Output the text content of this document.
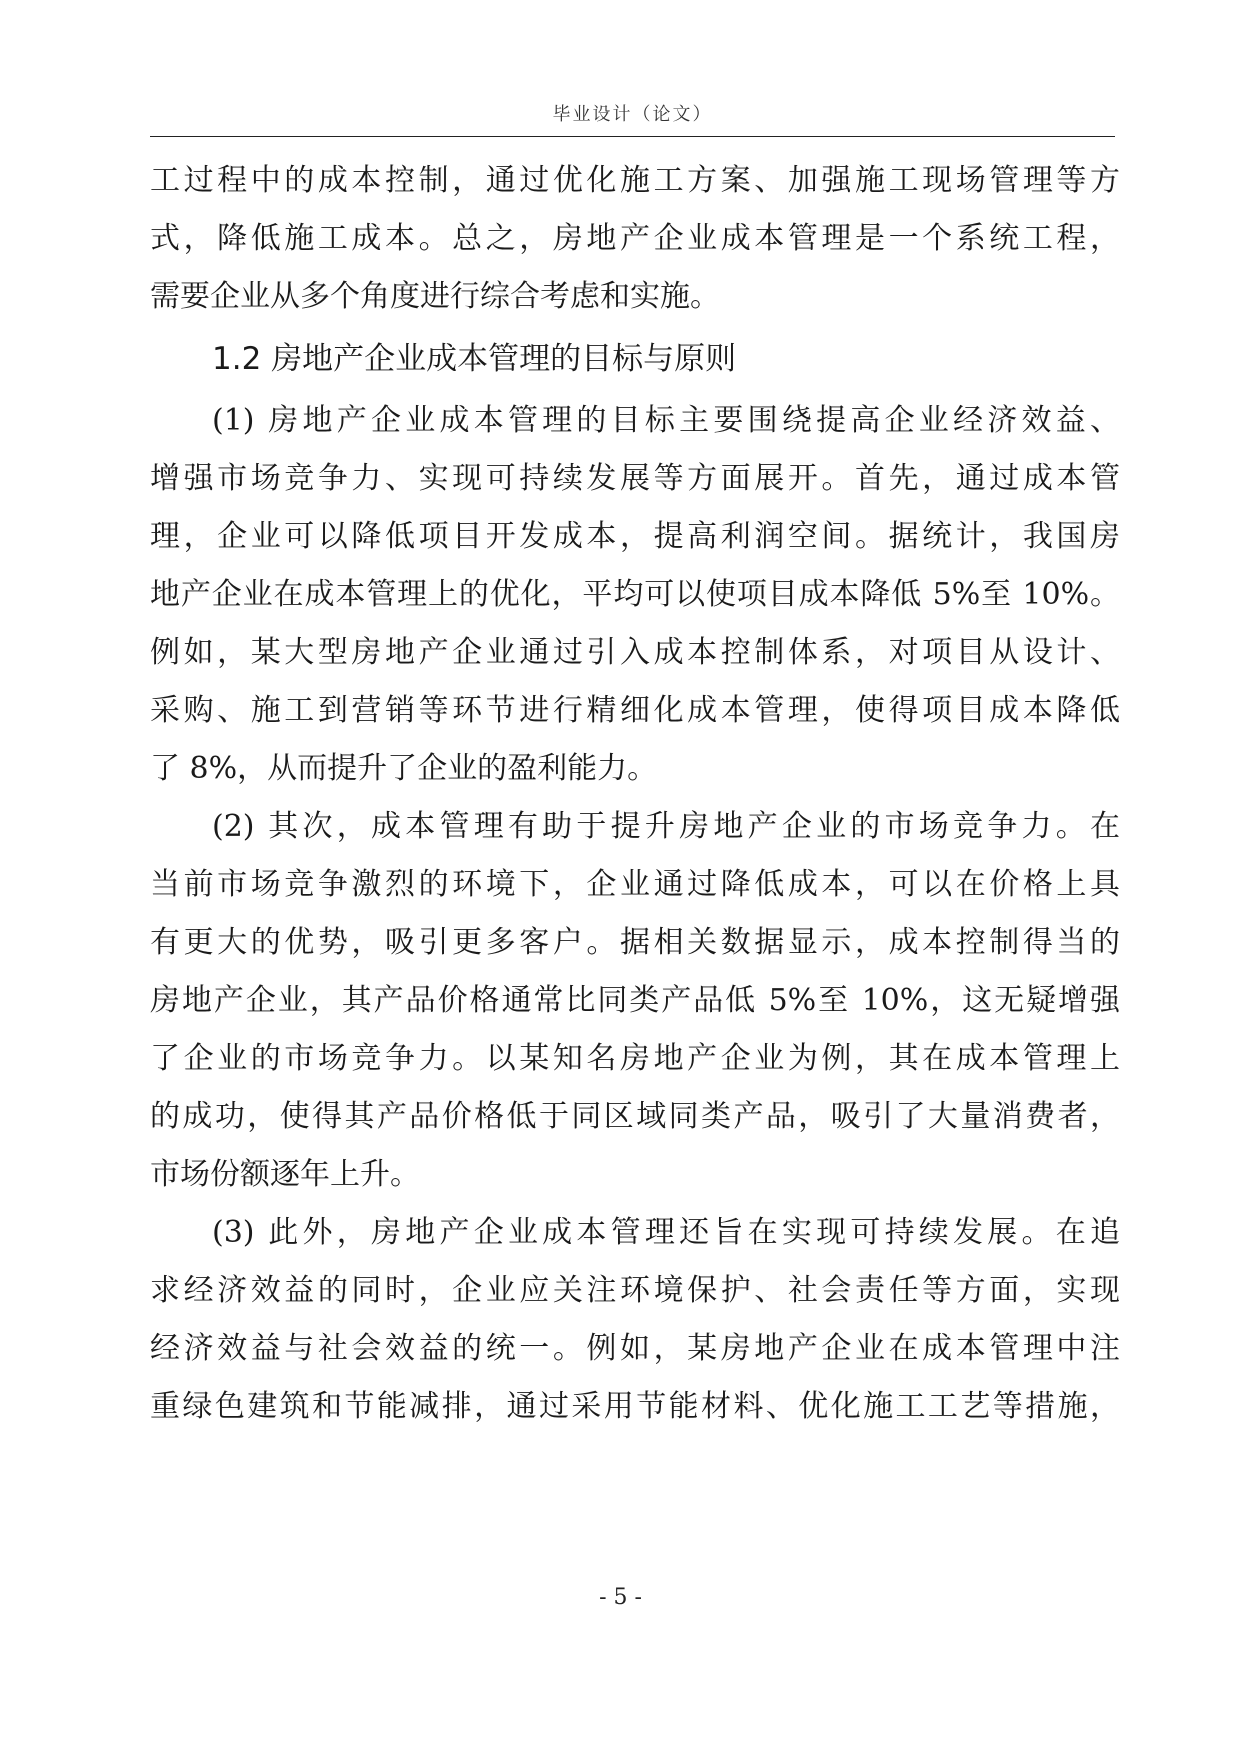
毕业设计（论文）
工过程中的成本控制，通过优化施工方案、加强施工现场管理等方
式，降低施工成本。总之，房地产企业成本管理是一个系统工程，
需要企业从多个角度进行综合考虑和实施。
1.2 房地产企业成本管理的目标与原则
(1) 房地产企业成本管理的目标主要围绕提高企业经济效益、
增强市场竞争力、实现可持续发展等方面展开。首先，通过成本管
理，企业可以降低项目开发成本，提高利润空间。据统计，我国房
地产企业在成本管理上的优化，平均可以使项目成本降低 5%至 10%。
例如，某大型房地产企业通过引入成本控制体系，对项目从设计、
采购、施工到营销等环节进行精细化成本管理，使得项目成本降低
了 8%，从而提升了企业的盈利能力。
(2) 其次，成本管理有助于提升房地产企业的市场竞争力。在
当前市场竞争激烈的环境下，企业通过降低成本，可以在价格上具
有更大的优势，吸引更多客户。据相关数据显示，成本控制得当的
房地产企业，其产品价格通常比同类产品低 5%至 10%，这无疑增强
了企业的市场竞争力。以某知名房地产企业为例，其在成本管理上
的成功，使得其产品价格低于同区域同类产品，吸引了大量消费者，
市场份额逐年上升。
(3) 此外，房地产企业成本管理还旨在实现可持续发展。在追
求经济效益的同时，企业应关注环境保护、社会责任等方面，实现
经济效益与社会效益的统一。例如，某房地产企业在成本管理中注
重绿色建筑和节能减排，通过采用节能材料、优化施工工艺等措施，
- 5 -
